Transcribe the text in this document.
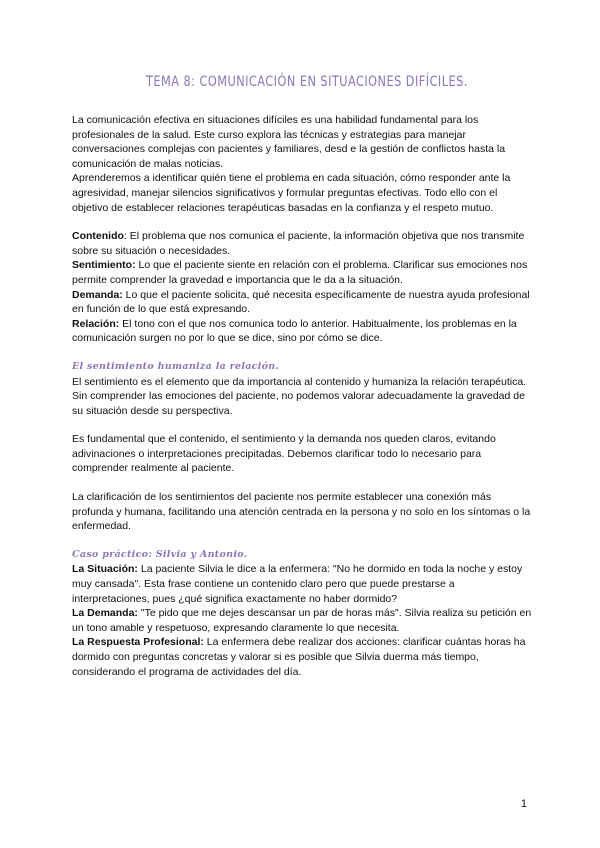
TEMA 8: COMUNICACIÓN EN SITUACIONES DIFÍCILES.

La comunicación efectiva en situaciones difíciles es una habilidad fundamental para los profesionales de la salud. Este curso explora las técnicas y estrategias para manejar conversaciones complejas con pacientes y familiares, desd e la gestión de conflictos hasta la comunicación de malas noticias.

Aprenderemos a identificar quién tiene el problema en cada situación, cómo responder ante la agresividad, manejar silencios significativos y formular preguntas efectivas. Todo ello con el objetivo de establecer relaciones terapéuticas basadas en la confianza y el respeto mutuo.

Contenido: El problema que nos comunica el paciente, la información objetiva que nos transmite sobre su situación o necesidades.

Sentimiento: Lo que el paciente siente en relación con el problema. Clarificar sus emociones nos permite comprender la gravedad e importancia que le da a la situación.

Demanda: Lo que el paciente solicita, qué necesita específicamente de nuestra ayuda profesional en función de lo que está expresando.

Relación: El tono con el que nos comunica todo lo anterior. Habitualmente, los problemas en la comunicación surgen no por lo que se dice, sino por cómo se dice.

El sentimiento humaniza la relación.

El sentimiento es el elemento que da importancia al contenido y humaniza la relación terapéutica. Sin comprender las emociones del paciente, no podemos valorar adecuadamente la gravedad de su situación desde su perspectiva.

Es fundamental que el contenido, el sentimiento y la demanda nos queden claros, evitando adivinaciones o interpretaciones precipitadas. Debemos clarificar todo lo necesario para comprender realmente al paciente.

La clarificación de los sentimientos del paciente nos permite establecer una conexión más profunda y humana, facilitando una atención centrada en la persona y no solo en los síntomas o la enfermedad.

Caso práctico: Silvia y Antonio.

La Situación: La paciente Silvia le dice a la enfermera: "No he dormido en toda la noche y estoy muy cansada". Esta frase contiene un contenido claro pero que puede prestarse a interpretaciones, pues ¿qué significa exactamente no haber dormido?

La Demanda: "Te pido que me dejes descansar un par de horas más". Silvia realiza su petición en un tono amable y respetuoso, expresando claramente lo que necesita.

La Respuesta Profesional: La enfermera debe realizar dos acciones: clarificar cuántas horas ha dormido con preguntas concretas y valorar si es posible que Silvia duerma más tiempo, considerando el programa de actividades del día.

1
